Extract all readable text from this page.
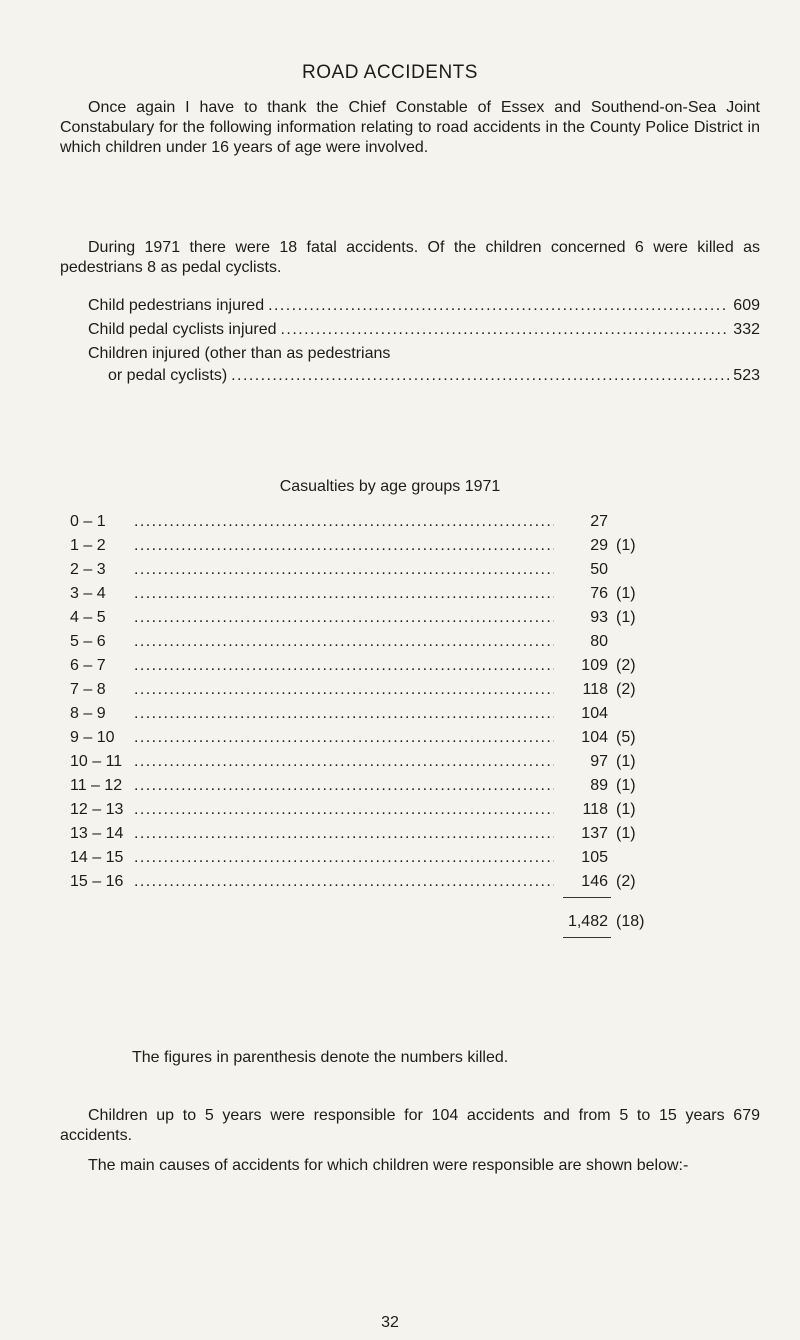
ROAD ACCIDENTS

Once again I have to thank the Chief Constable of Essex and Southend-on-Sea Joint Constabulary for the following information relating to road accidents in the County Police District in which children under 16 years of age were involved.

During 1971 there were 18 fatal accidents. Of the children concerned 6 were killed as pedestrians 8 as pedal cyclists.

Child pedestrians injured . . .	609
Child pedal cyclists injured . . .	332
Children injured (other than as pedestrians
or pedal cyclists) . . .	523
Casualties by age groups 1971
0 – 1 . . .	27
1 – 2 . . .	29 (1)
2 – 3 . . .	50
3 – 4 . . .	76 (1)
4 – 5 . . .	93 (1)
5 – 6 . . .	80
6 – 7 . . .	109 (2)
7 – 8 . . .	118 (2)
8 – 9 . . .	104
9 – 10 . . .	104 (5)
10 – 11 . . .	97 (1)
11 – 12 . . .	89 (1)
12 – 13 . . .	118 (1)
13 – 14 . . .	137 (1)
14 – 15 . . .	105
15 – 16 . . .	146 (2)
1,482 (18)

The figures in parenthesis denote the numbers killed.

Children up to 5 years were responsible for 104 accidents and from 5 to 15 years 679 accidents.

The main causes of accidents for which children were responsible are shown below:-

32
